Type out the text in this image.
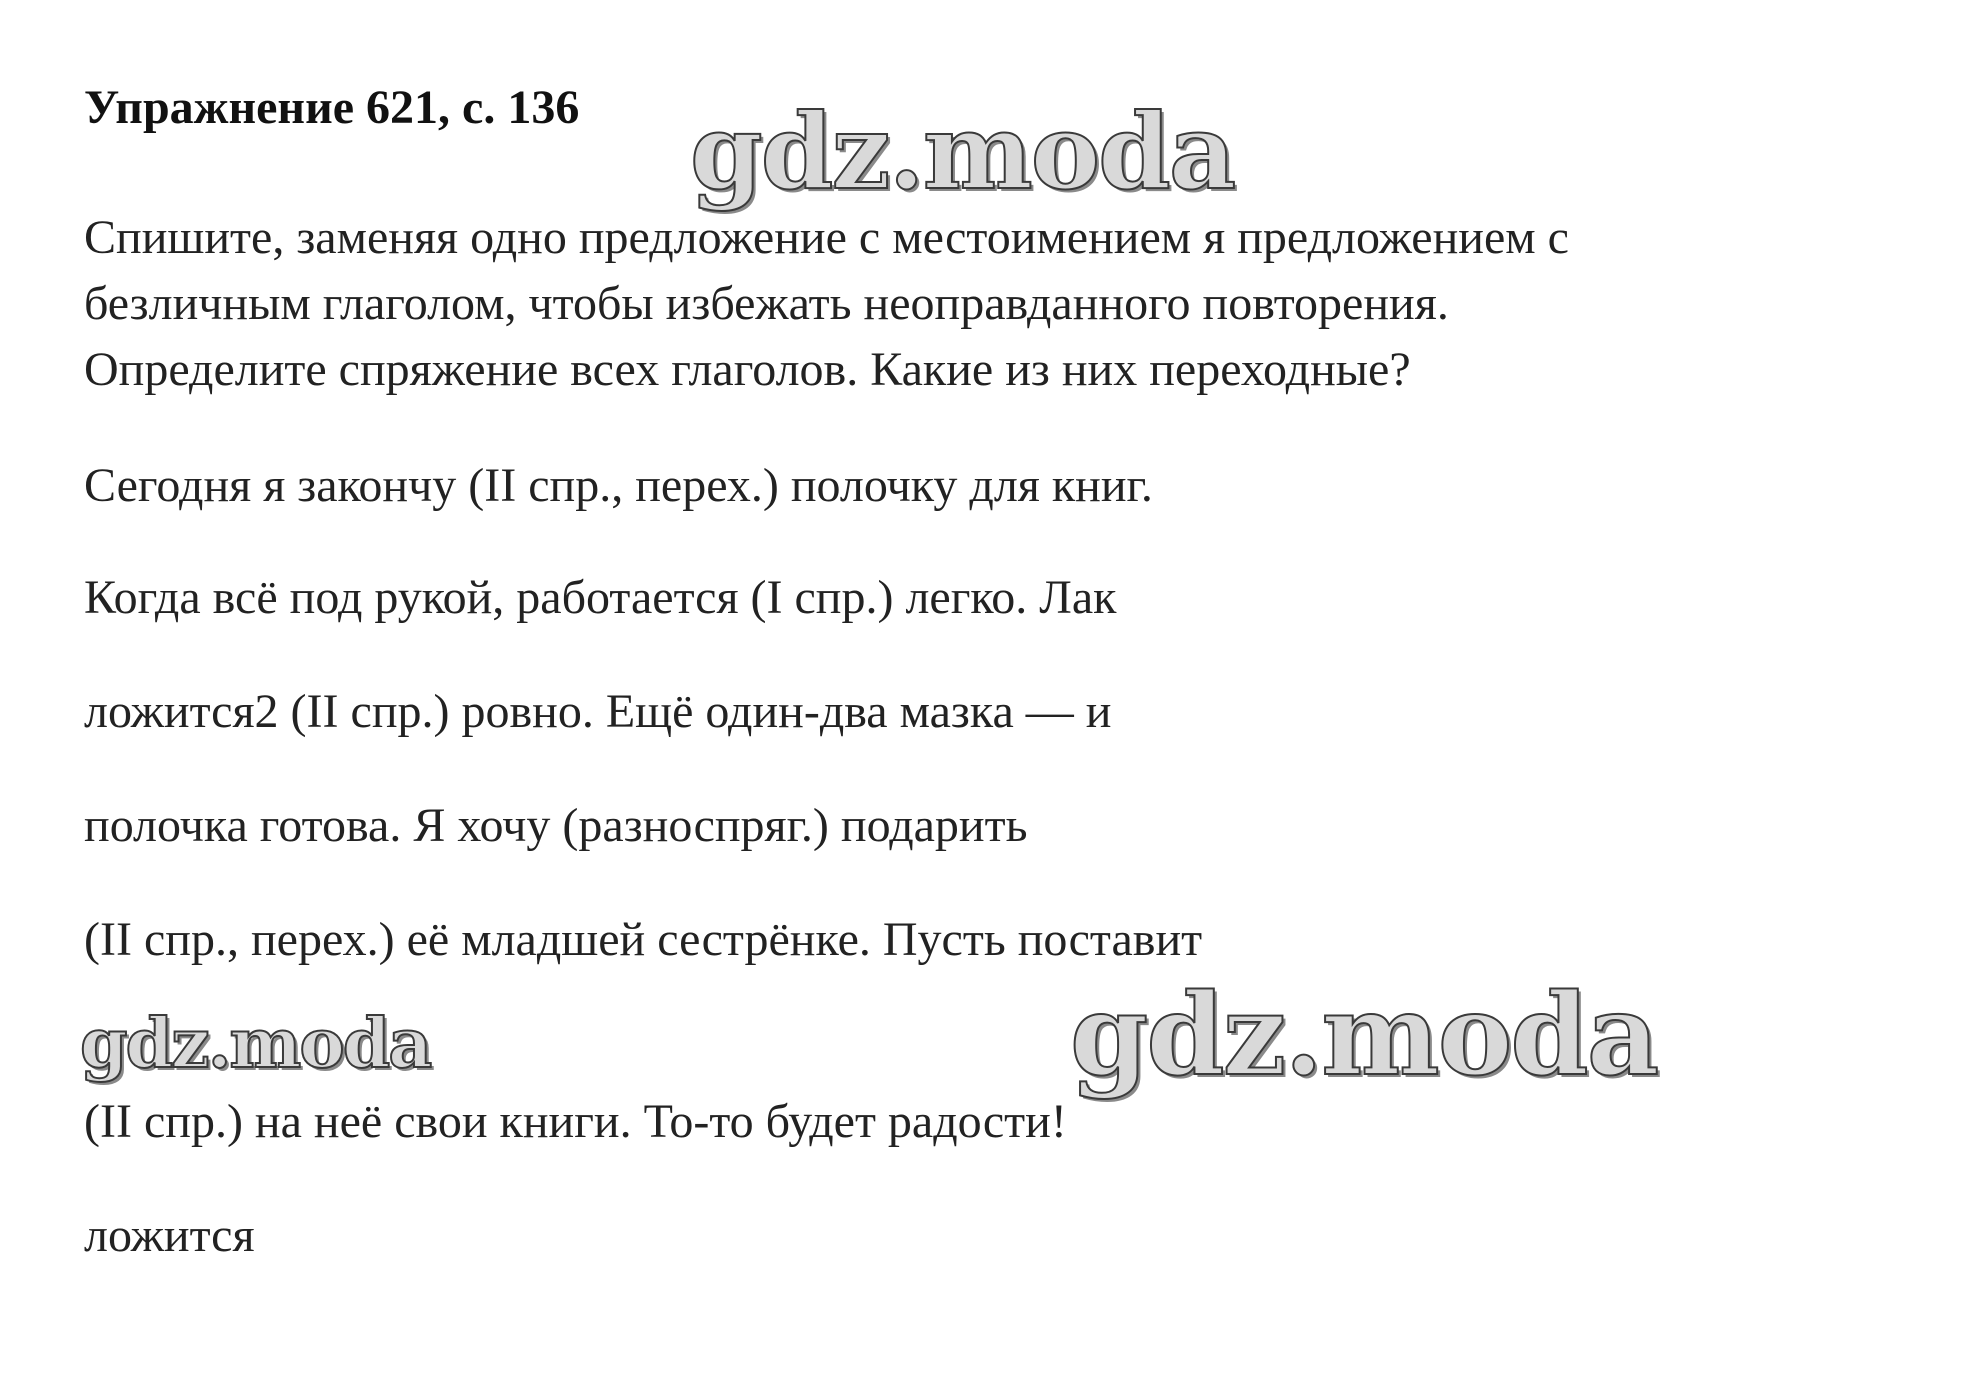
Упражнение 621, с. 136
Спишите, заменяя одно предложение с местоимением я предложением с
безличным глаголом, чтобы избежать неоправданного повторения.
Определите спряжение всех глаголов. Какие из них переходные?
Сегодня я закончу (II спр., перех.) полочку для книг.
Когда всё под рукой, работается (I спр.) легко. Лак
ложится2 (II спр.) ровно. Ещё один-два мазка — и
полочка готова. Я хочу (разноспряг.) подарить
(II спр., перех.) её младшей сестрёнке. Пусть поставит
(II спр.) на неё свои книги. То-то будет радости!
ложится
gdz.moda
gdz.moda	gdz.moda
